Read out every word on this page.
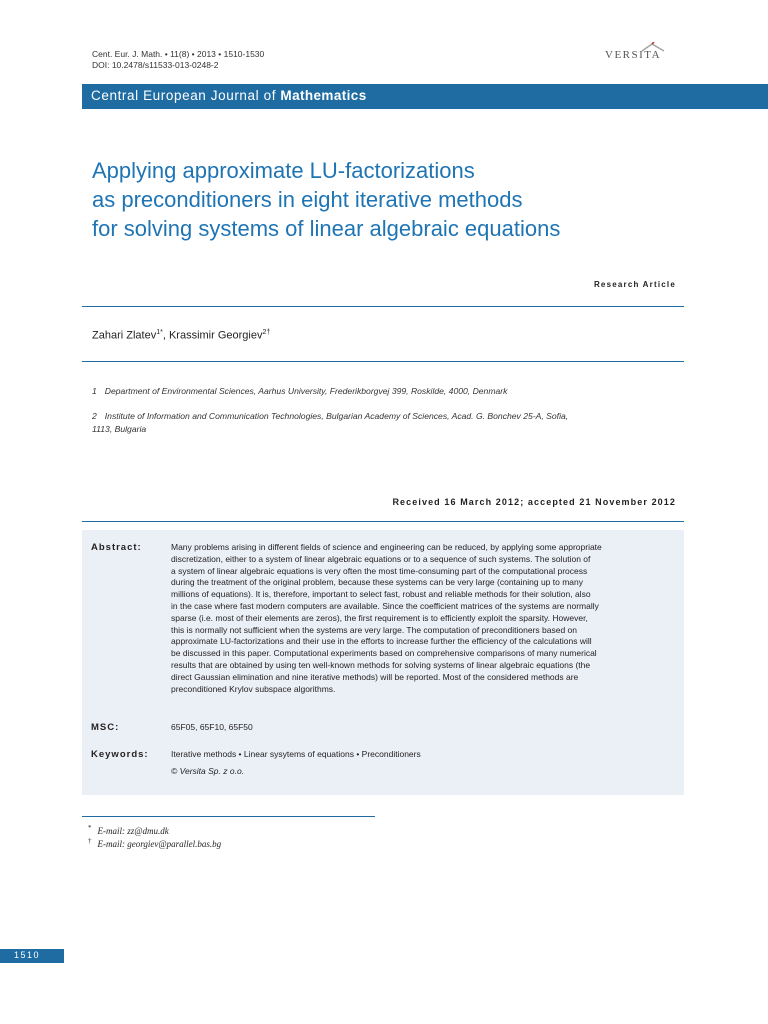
Cent. Eur. J. Math. • 11(8) • 2013 • 1510-1530
DOI: 10.2478/s11533-013-0248-2
VERSITA
Central European Journal of Mathematics
Applying approximate LU-factorizations
as preconditioners in eight iterative methods
for solving systems of linear algebraic equations
Research Article
Zahari Zlatev$^{1*}$, Krassimir Georgiev$^{2\dagger}$
1 Department of Environmental Sciences, Aarhus University, Frederikborgvej 399, Roskilde, 4000, Denmark
2 Institute of Information and Communication Technologies, Bulgarian Academy of Sciences, Acad. G. Bonchev 25-A, Sofia,
1113, Bulgaria
Received 16 March 2012; accepted 21 November 2012
Abstract:	Many problems arising in different fields of science and engineering can be reduced, by applying some appropriate
discretization, either to a system of linear algebraic equations or to a sequence of such systems. The solution of
a system of linear algebraic equations is very often the most time-consuming part of the computational process
during the treatment of the original problem, because these systems can be very large (containing up to many
millions of equations). It is, therefore, important to select fast, robust and reliable methods for their solution, also
in the case where fast modern computers are available. Since the coefficient matrices of the systems are normally
sparse (i.e. most of their elements are zeros), the first requirement is to efficiently exploit the sparsity. However,
this is normally not sufficient when the systems are very large. The computation of preconditioners based on
approximate LU-factorizations and their use in the efforts to increase further the efficiency of the calculations will
be discussed in this paper. Computational experiments based on comprehensive comparisons of many numerical
results that are obtained by using ten well-known methods for solving systems of linear algebraic equations (the
direct Gaussian elimination and nine iterative methods) will be reported. Most of the considered methods are
preconditioned Krylov subspace algorithms.
MSC:	65F05, 65F10, 65F50
Keywords:	Iterative methods • Linear sysytems of equations • Preconditioners
© Versita Sp. z o.o.
* E-mail: zz@dmu.dk
† E-mail: georgiev@parallel.bas.bg
1510
